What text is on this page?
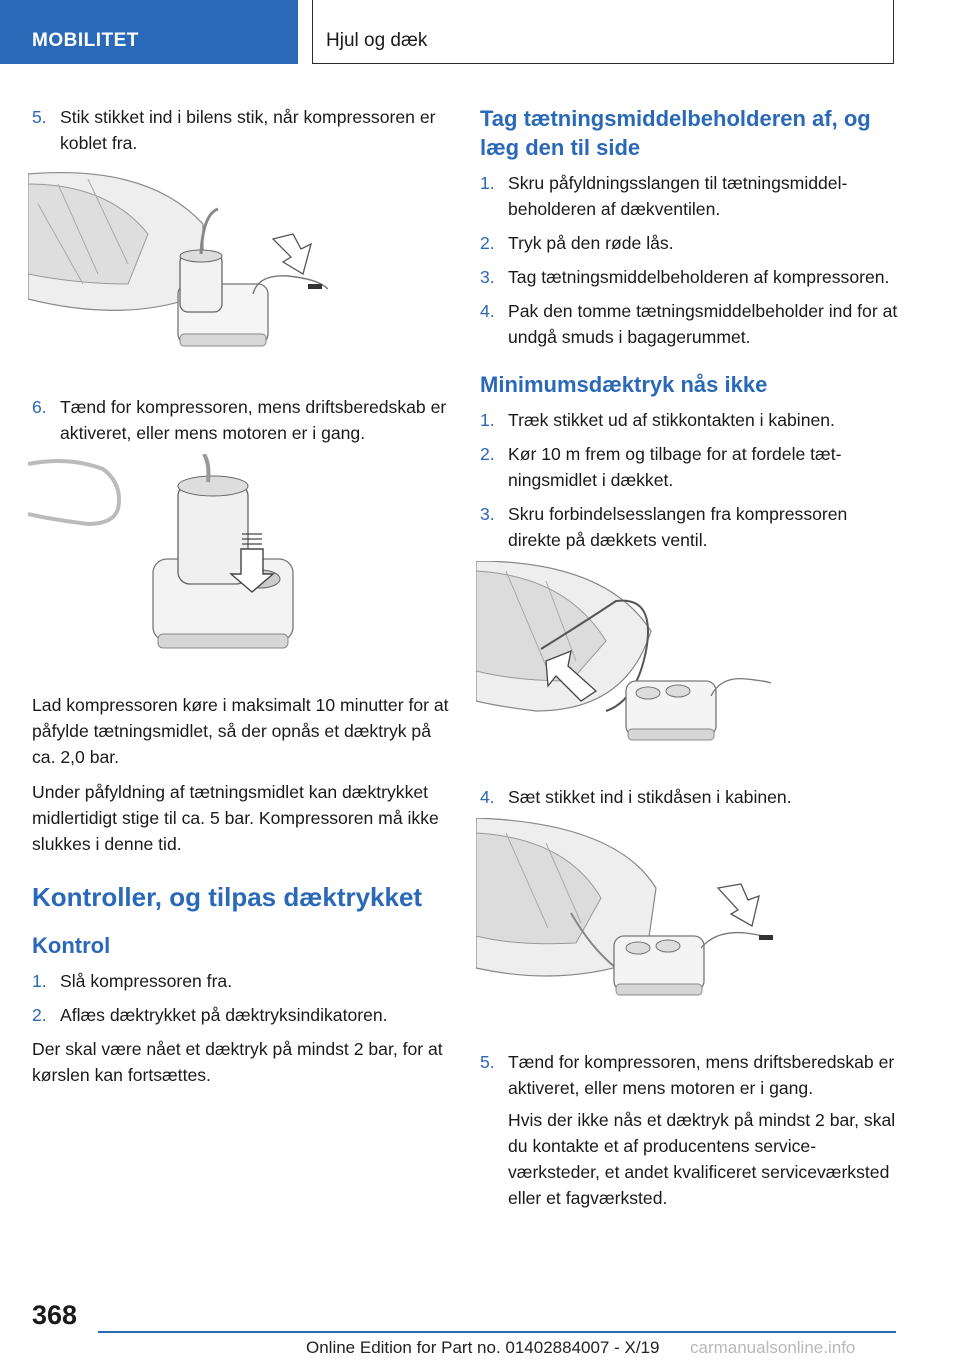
MOBILITET	Hjul og dæk
5. Stik stikket ind i bilens stik, når kompressoren er koblet fra.
6. Tænd for kompressoren, mens driftsberedskab er aktiveret, eller mens motoren er i gang.

Lad kompressoren køre i maksimalt 10 minutter for at påfylde tætningsmidlet, så der opnås et dæktryk på ca. 2,0 bar.

Under påfyldning af tætningsmidlet kan dæktrykket midlertidigt stige til ca. 5 bar. Kompressoren må ikke slukkes i denne tid.

Kontroller, og tilpas dæktrykket
Kontrol
1. Slå kompressoren fra.
2. Aflæs dæktrykket på dæktryksindikatoren.

Der skal være nået et dæktryk på mindst 2 bar, for at kørslen kan fortsættes.

Tag tætningsmiddelbeholderen af, og læg den til side
1. Skru påfyldningsslangen til tætningsmiddelbeholderen af dækventilen.
2. Tryk på den røde lås.
3. Tag tætningsmiddelbeholderen af kompressoren.
4. Pak den tomme tætningsmiddelbeholder ind for at undgå smuds i bagagerummet.
Minimumsdæktryk nås ikke
1. Træk stikket ud af stikkontakten i kabinen.
2. Kør 10 m frem og tilbage for at fordele tætningsmidlet i dækket.
3. Skru forbindelsesslangen fra kompressoren direkte på dækkets ventil.
4. Sæt stikket ind i stikdåsen i kabinen.
5. Tænd for kompressoren, mens driftsberedskab er aktiveret, eller mens motoren er i gang.

Hvis der ikke nås et dæktryk på mindst 2 bar, skal du kontakte et af producentens serviceværksteder, et andet kvalificeret serviceværksted eller et fagværksted.

368
Online Edition for Part no. 01402884007 - X/19 carmanualsonline.info
